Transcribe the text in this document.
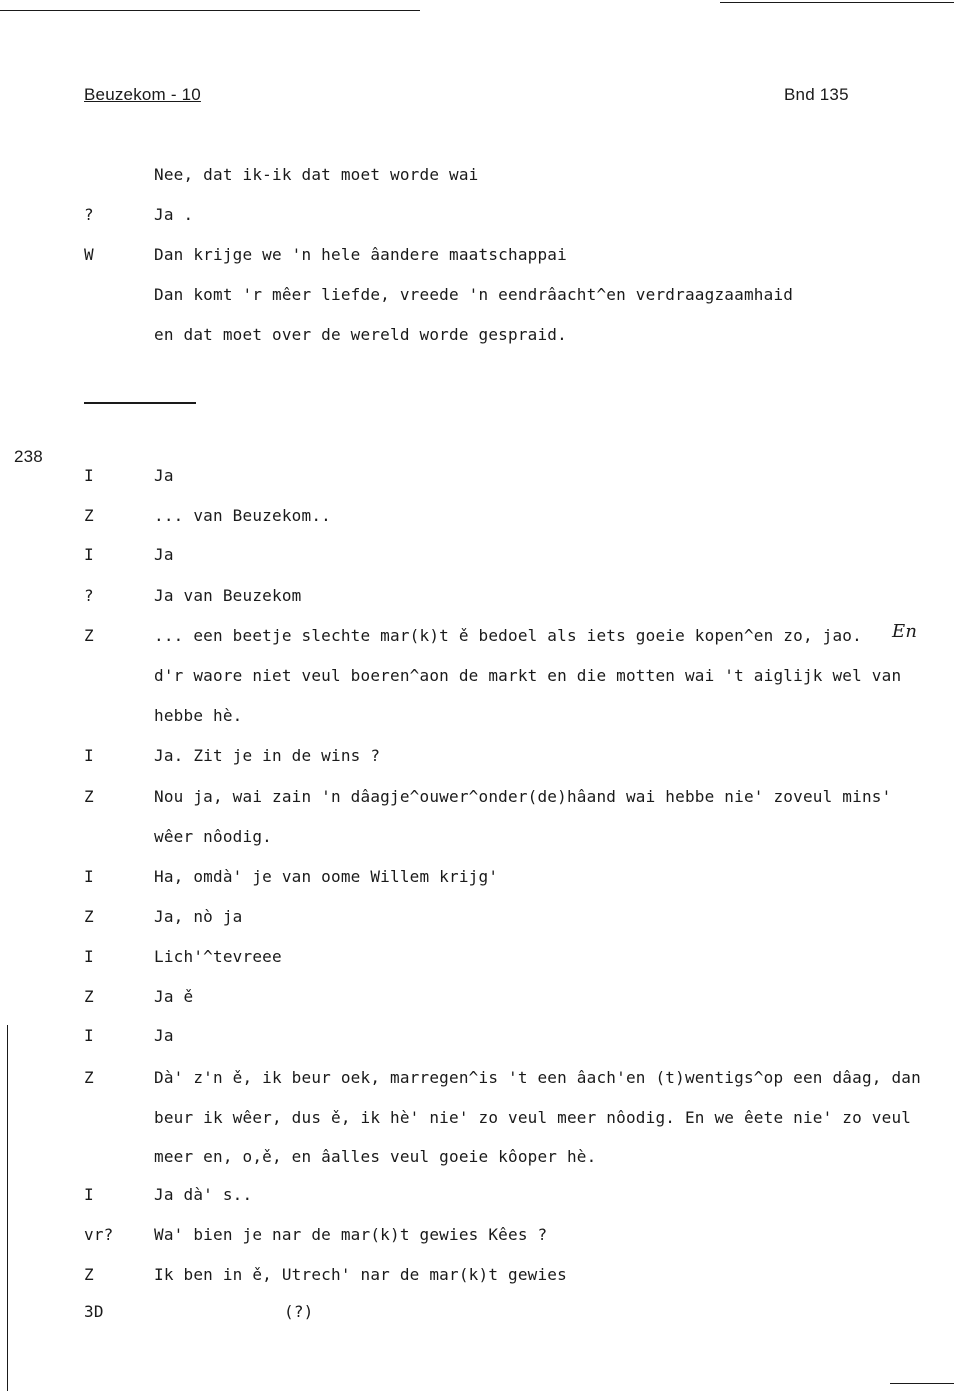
Beuzekom - 10	Bnd 135
Nee, dat ik-ik dat moet worde wai
?	Ja .
W	Dan krijge we 'n hele âandere maatschappai
Dan komt 'r mêer liefde, vreede 'n eendrâacht^en verdraagzaamhaid
en dat moet over de wereld worde gespraid.
238
I	Ja
Z	... van Beuzekom..
I	Ja
?	Ja van Beuzekom
Z	... een beetje slechte mar(k)t ě bedoel als iets goeie kopen^en zo, jao. En
d'r waore niet veul boeren^aon de markt en die motten wai 't aiglijk wel van
hebbe hè.
I	Ja. Zit je in de wins ?
Z	Nou ja, wai zain 'n dâagje^ouwer^onder(de)hâand wai hebbe nie' zoveul mins'
wêer nôodig.
I	Ha, omdà' je van oome Willem krijg'
Z	Ja, nò ja
I	Lich'^tevreee
Z	Ja ě
I	Ja
Z	Dà' z'n ě, ik beur oek, marregen^is 't een âach'en (t)wentigs^op een dâag, dan
beur ik wêer, dus ě, ik hè' nie' zo veul meer nôodig. En we êete nie' zo veul
meer en, o,ě, en âalles veul goeie kôoper hè.
I	Ja dà' s..
vr?	Wa' bien je nar de mar(k)t gewies Kêes ?
Z	Ik ben in ě, Utrech' nar de mar(k)t gewies
3D	(?)
